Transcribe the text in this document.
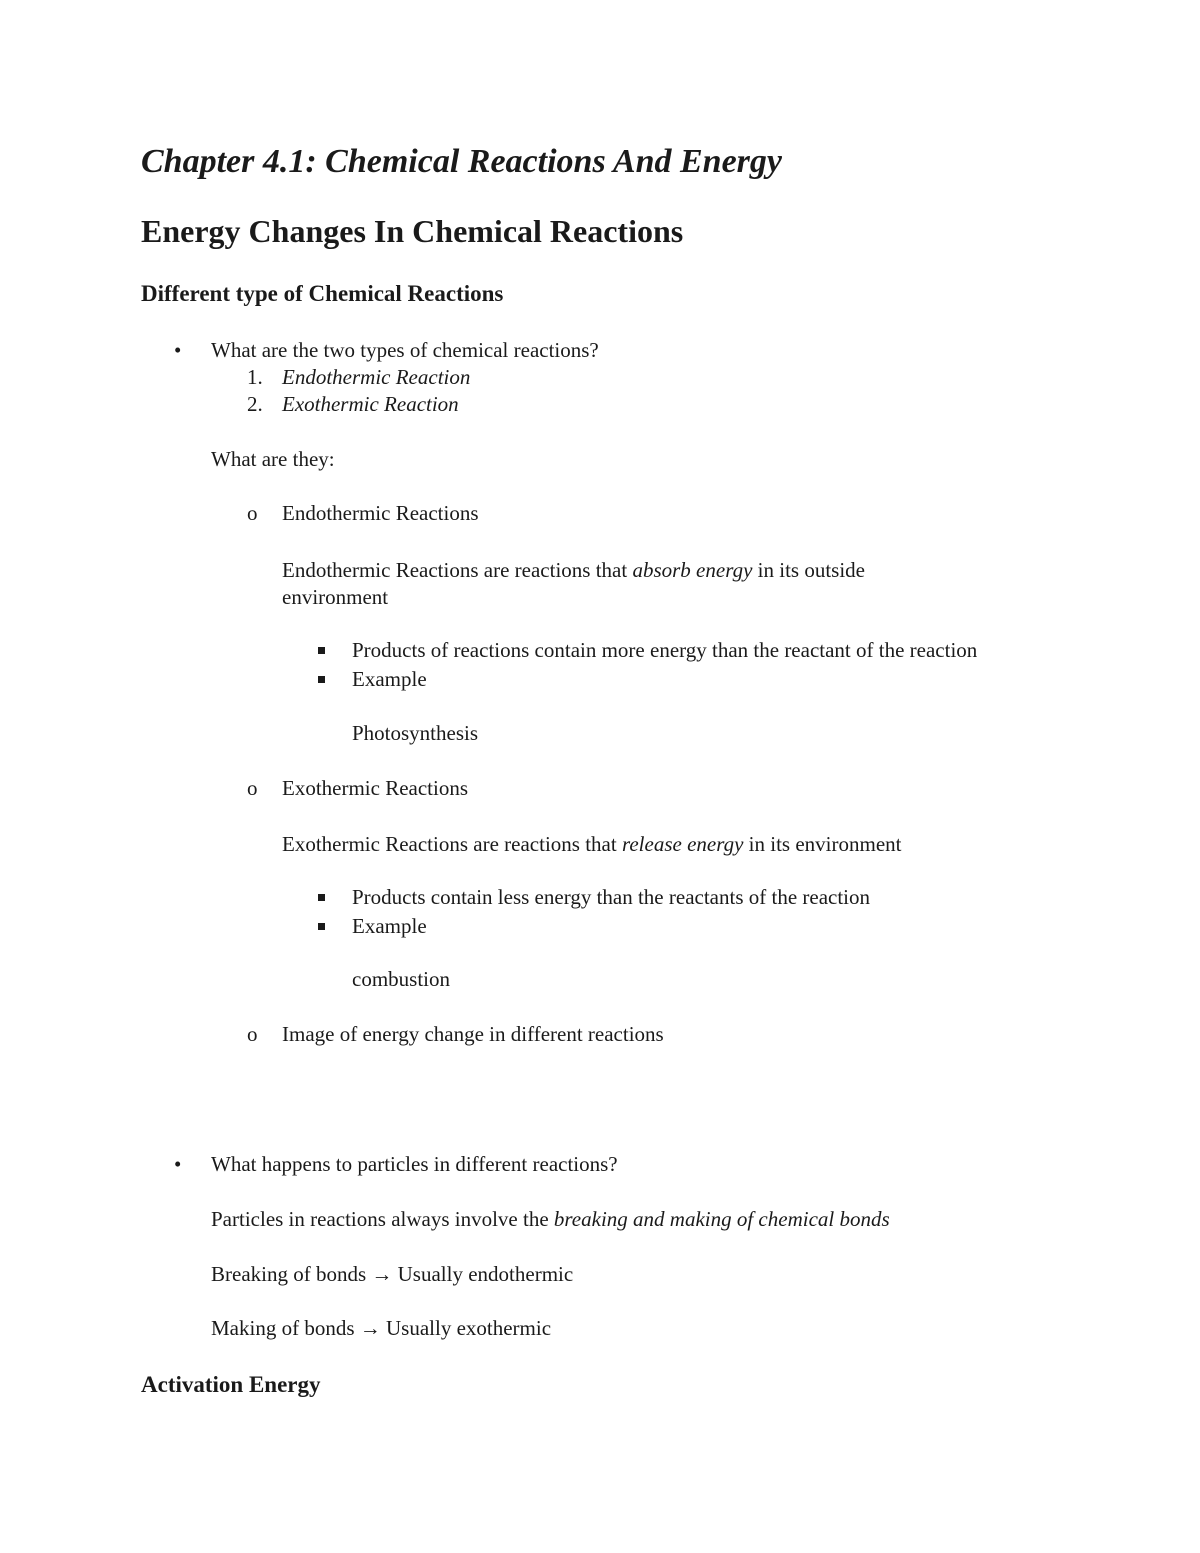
Chapter 4.1: Chemical Reactions And Energy
Energy Changes In Chemical Reactions
Different type of Chemical Reactions
• What are the two types of chemical reactions?
1. Endothermic Reaction
2. Exothermic Reaction
What are they:
o Endothermic Reactions
Endothermic Reactions are reactions that absorb energy in its outside
environment
Products of reactions contain more energy than the reactant of the reaction
Example
Photosynthesis
o Exothermic Reactions
Exothermic Reactions are reactions that release energy in its environment
Products contain less energy than the reactants of the reaction
Example
combustion
o Image of energy change in different reactions
• What happens to particles in different reactions?
Particles in reactions always involve the breaking and making of chemical bonds
Breaking of bonds → Usually endothermic
Making of bonds → Usually exothermic
Activation Energy
